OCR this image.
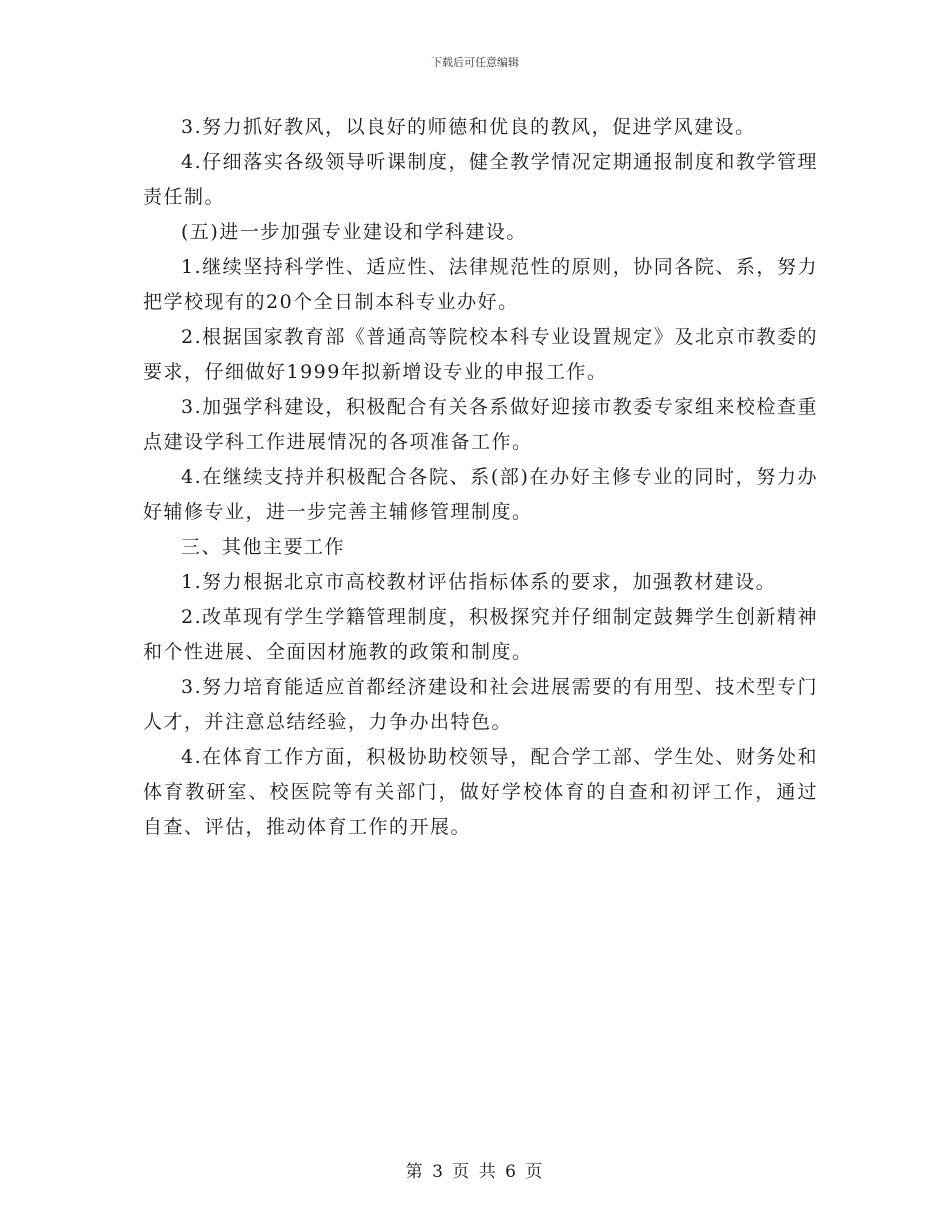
下载后可任意编辑

3.努力抓好教风，以良好的师德和优良的教风，促进学风建设。

4.仔细落实各级领导听课制度，健全教学情况定期通报制度和教学管理责任制。

(五)进一步加强专业建设和学科建设。

1.继续坚持科学性、适应性、法律规范性的原则，协同各院、系，努力把学校现有的20个全日制本科专业办好。

2.根据国家教育部《普通高等院校本科专业设置规定》及北京市教委的要求，仔细做好1999年拟新增设专业的申报工作。

3.加强学科建设，积极配合有关各系做好迎接市教委专家组来校检查重点建设学科工作进展情况的各项准备工作。

4.在继续支持并积极配合各院、系(部)在办好主修专业的同时，努力办好辅修专业，进一步完善主辅修管理制度。

三、其他主要工作

1.努力根据北京市高校教材评估指标体系的要求，加强教材建设。

2.改革现有学生学籍管理制度，积极探究并仔细制定鼓舞学生创新精神和个性进展、全面因材施教的政策和制度。

3.努力培育能适应首都经济建设和社会进展需要的有用型、技术型专门人才，并注意总结经验，力争办出特色。

4.在体育工作方面，积极协助校领导，配合学工部、学生处、财务处和体育教研室、校医院等有关部门，做好学校体育的自查和初评工作，通过自查、评估，推动体育工作的开展。

第 3 页 共 6 页
